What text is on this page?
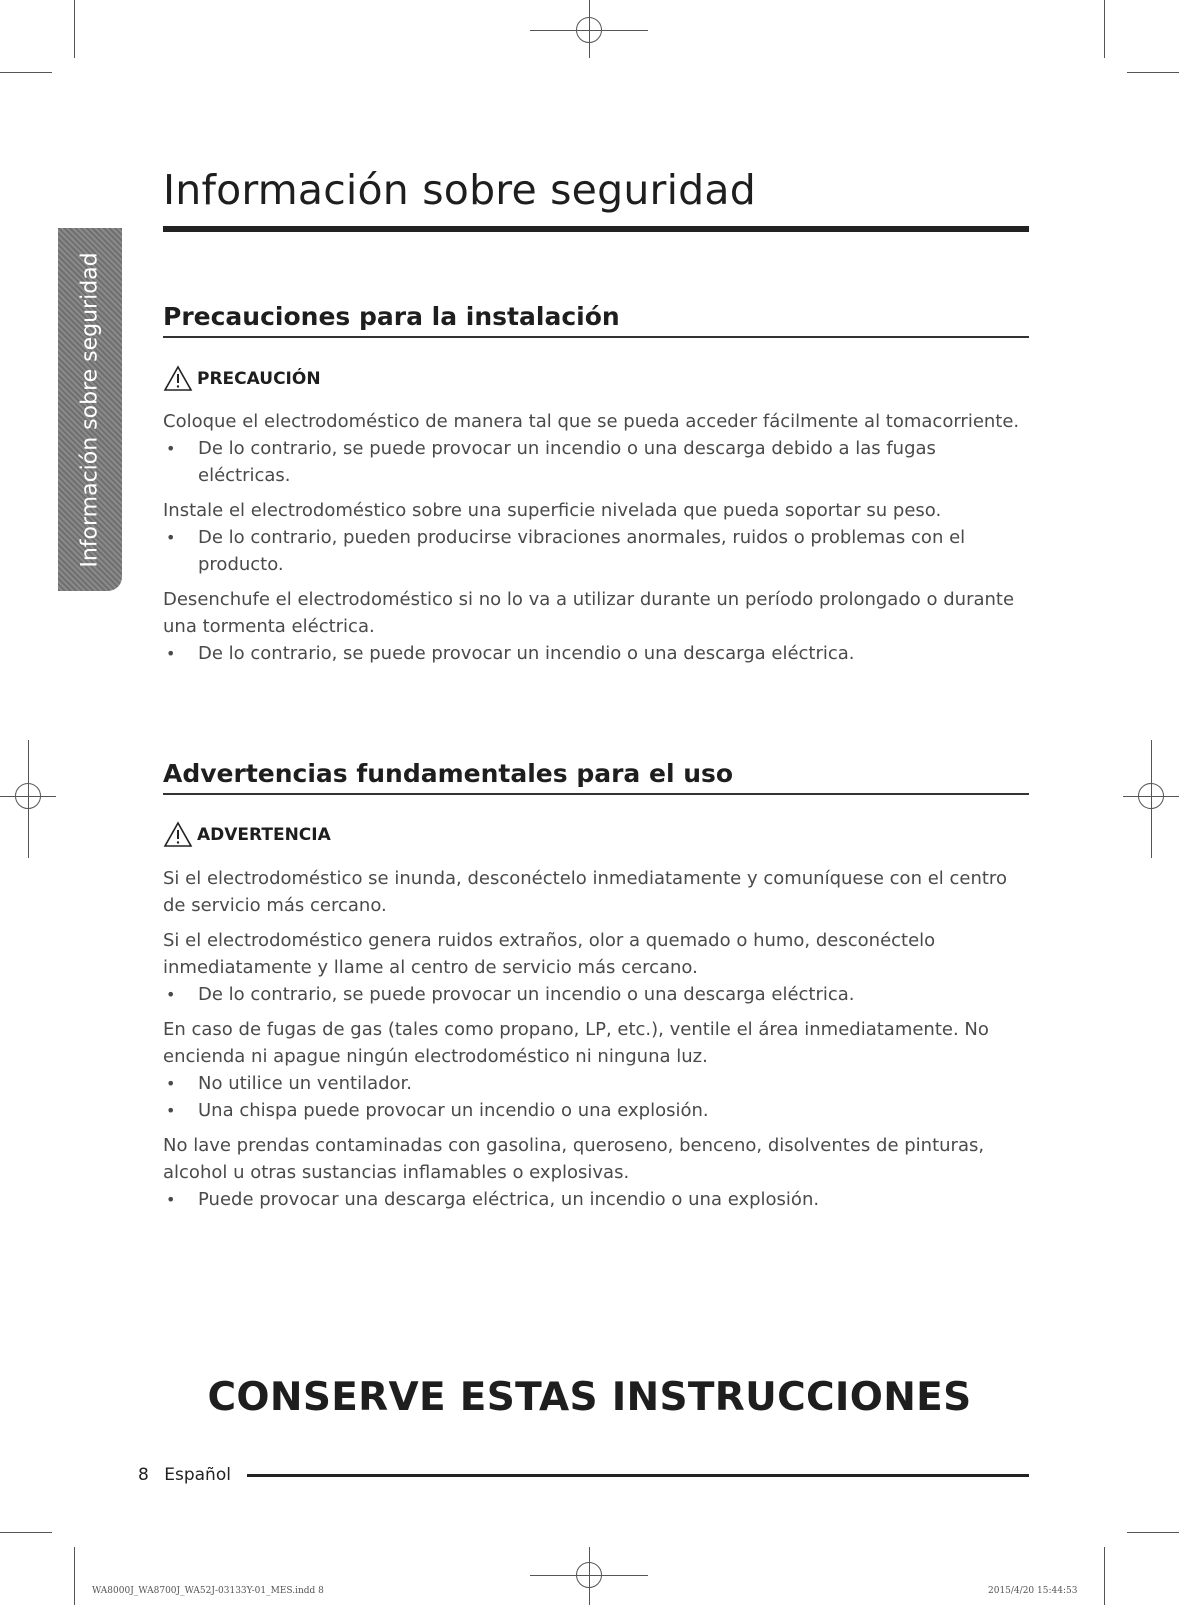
Información sobre seguridad
Información sobre seguridad
Precauciones para la instalación
PRECAUCIÓN

Coloque el electrodoméstico de manera tal que se pueda acceder fácilmente al tomacorriente.

• De lo contrario, se puede provocar un incendio o una descarga debido a las fugas eléctricas.

Instale el electrodoméstico sobre una superficie nivelada que pueda soportar su peso.

• De lo contrario, pueden producirse vibraciones anormales, ruidos o problemas con el producto.

Desenchufe el electrodoméstico si no lo va a utilizar durante un período prolongado o durante una tormenta eléctrica.

• De lo contrario, se puede provocar un incendio o una descarga eléctrica.

Advertencias fundamentales para el uso
ADVERTENCIA

Si el electrodoméstico se inunda, desconéctelo inmediatamente y comuníquese con el centro de servicio más cercano.

Si el electrodoméstico genera ruidos extraños, olor a quemado o humo, desconéctelo inmediatamente y llame al centro de servicio más cercano.

• De lo contrario, se puede provocar un incendio o una descarga eléctrica.

En caso de fugas de gas (tales como propano, LP, etc.), ventile el área inmediatamente. No encienda ni apague ningún electrodoméstico ni ninguna luz.

• No utilice un ventilador.

• Una chispa puede provocar un incendio o una explosión.

No lave prendas contaminadas con gasolina, queroseno, benceno, disolventes de pinturas, alcohol u otras sustancias inflamables o explosivas.

• Puede provocar una descarga eléctrica, un incendio o una explosión.

CONSERVE ESTAS INSTRUCCIONES
8 Español
WA8000J_WA8700J_WA52J-03133Y-01_MES.indd 8	2015/4/20 15:44:53
